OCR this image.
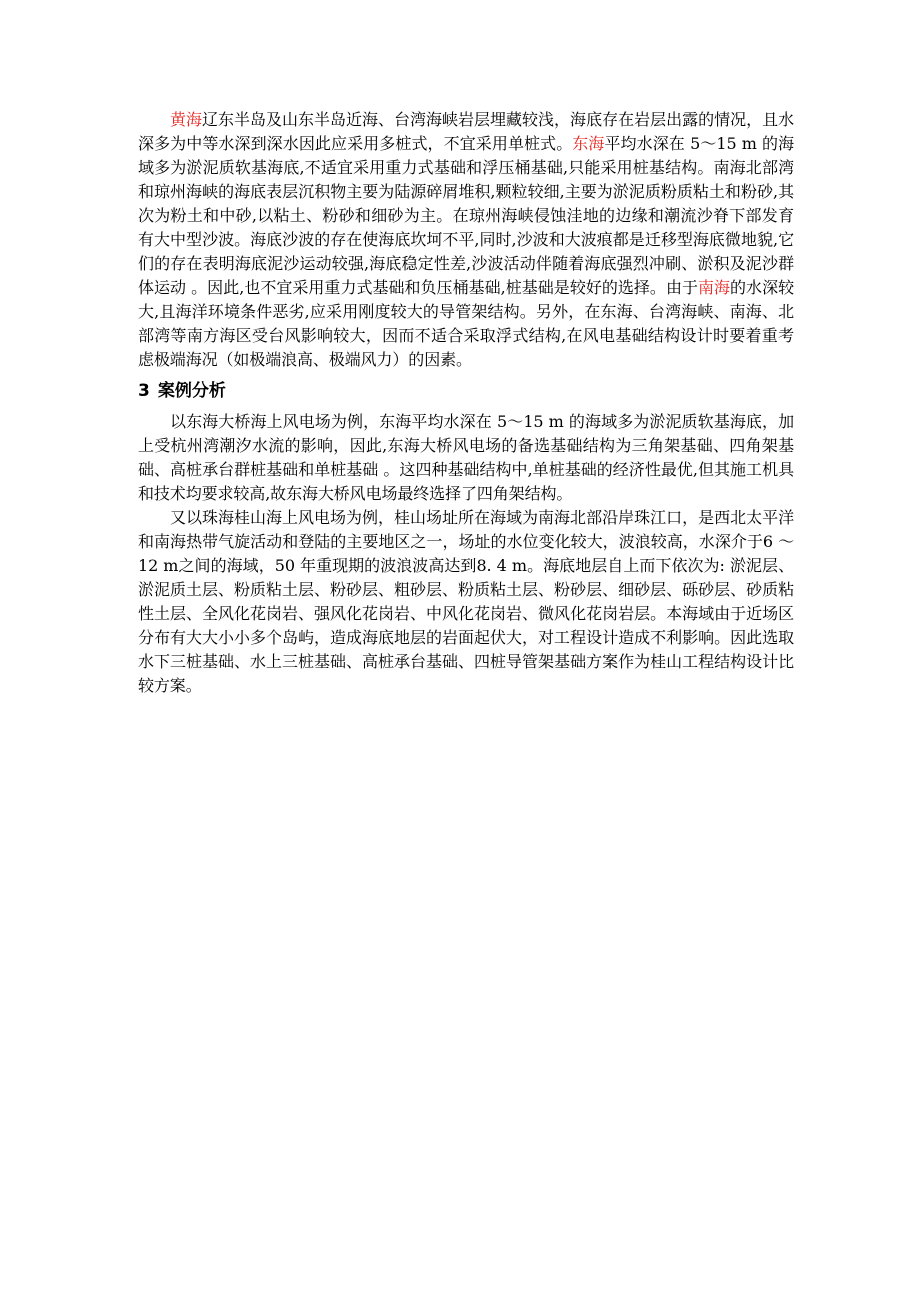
黄海辽东半岛及山东半岛近海、台湾海峡岩层埋藏较浅，海底存在岩层出露的情况，且水深多为中等水深到深水因此应采用多桩式，不宜采用单桩式。东海平均水深在 5～15 m 的海域多为淤泥质软基海底,不适宜采用重力式基础和浮压桶基础,只能采用桩基结构。南海北部湾和琼州海峡的海底表层沉积物主要为陆源碎屑堆积,颗粒较细,主要为淤泥质粉质粘土和粉砂,其次为粉土和中砂,以粘土、粉砂和细砂为主。在琼州海峡侵蚀洼地的边缘和潮流沙脊下部发育有大中型沙波。海底沙波的存在使海底坎坷不平,同时,沙波和大波痕都是迁移型海底微地貌,它们的存在表明海底泥沙运动较强,海底稳定性差,沙波活动伴随着海底强烈冲刷、淤积及泥沙群体运动 。因此,也不宜采用重力式基础和负压桶基础,桩基础是较好的选择。由于南海的水深较大,且海洋环境条件恶劣,应采用刚度较大的导管架结构。另外，在东海、台湾海峡、南海、北部湾等南方海区受台风影响较大，因而不适合采取浮式结构,在风电基础结构设计时要着重考虑极端海况（如极端浪高、极端风力）的因素。

3 案例分析

以东海大桥海上风电场为例，东海平均水深在 5～15 m 的海域多为淤泥质软基海底，加上受杭州湾潮汐水流的影响，因此,东海大桥风电场的备选基础结构为三角架基础、四角架基础、高桩承台群桩基础和单桩基础 。这四种基础结构中,单桩基础的经济性最优,但其施工机具和技术均要求较高,故东海大桥风电场最终选择了四角架结构。

又以珠海桂山海上风电场为例，桂山场址所在海域为南海北部沿岸珠江口，是西北太平洋和南海热带气旋活动和登陆的主要地区之一，场址的水位变化较大，波浪较高，水深介于6 ～ 12 m之间的海域，50 年重现期的波浪波高达到8. 4 m。海底地层自上而下依次为: 淤泥层、淤泥质土层、粉质粘土层、粉砂层、粗砂层、粉质粘土层、粉砂层、细砂层、砾砂层、砂质粘性土层、全风化花岗岩、强风化花岗岩、中风化花岗岩、微风化花岗岩层。本海域由于近场区分布有大大小小多个岛屿，造成海底地层的岩面起伏大，对工程设计造成不利影响。因此选取水下三桩基础、水上三桩基础、高桩承台基础、四桩导管架基础方案作为桂山工程结构设计比较方案。
